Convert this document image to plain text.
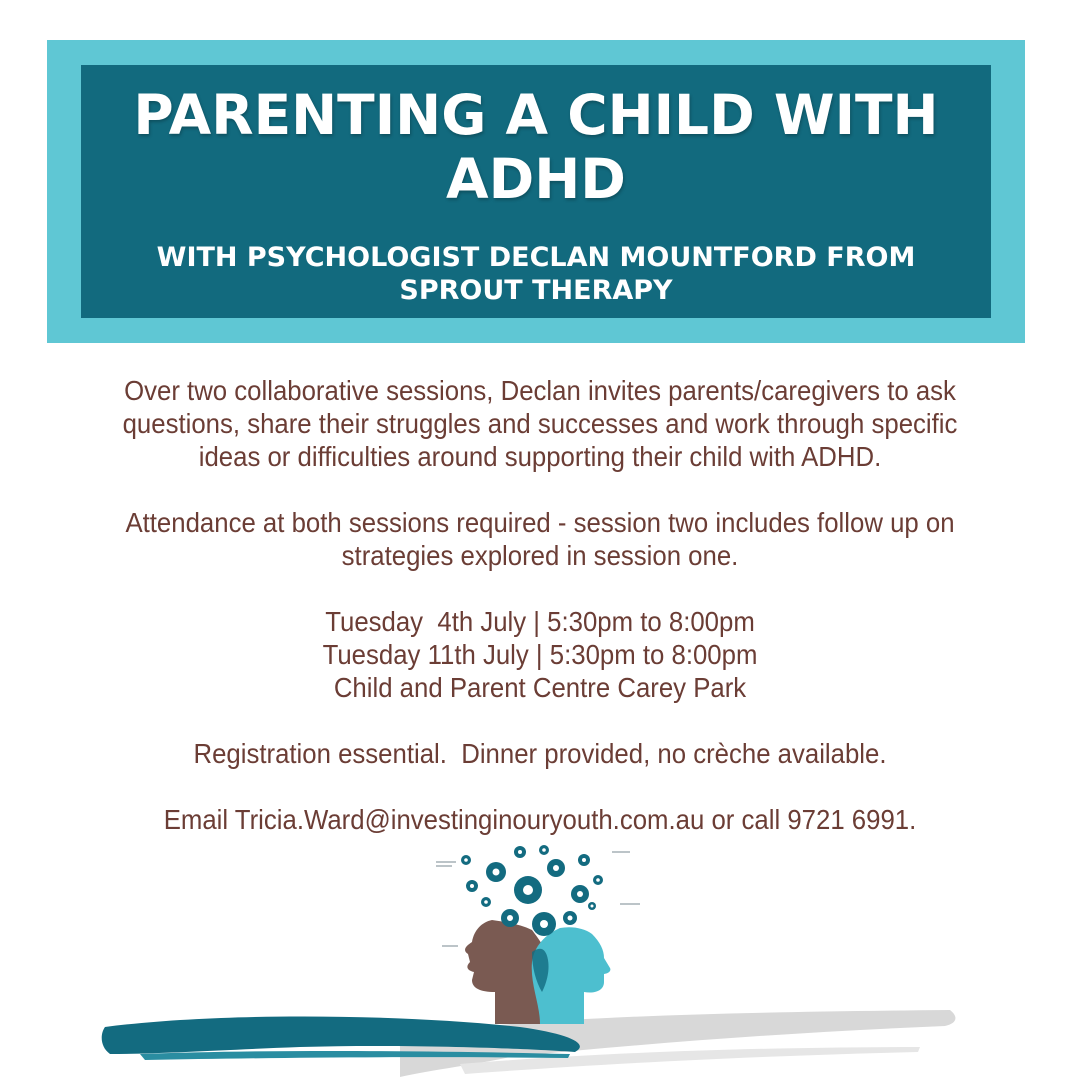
PARENTING A CHILD WITH
ADHD
WITH PSYCHOLOGIST DECLAN MOUNTFORD FROM
SPROUT THERAPY

Over two collaborative sessions, Declan invites parents/caregivers to ask
questions, share their struggles and successes and work through specific
ideas or difficulties around supporting their child with ADHD.

Attendance at both sessions required - session two includes follow up on
strategies explored in session one.

Tuesday  4th July | 5:30pm to 8:00pm
Tuesday 11th July | 5:30pm to 8:00pm
Child and Parent Centre Carey Park

Registration essential.  Dinner provided, no crèche available.

Email Tricia.Ward@investinginouryouth.com.au or call 9721 6991.
